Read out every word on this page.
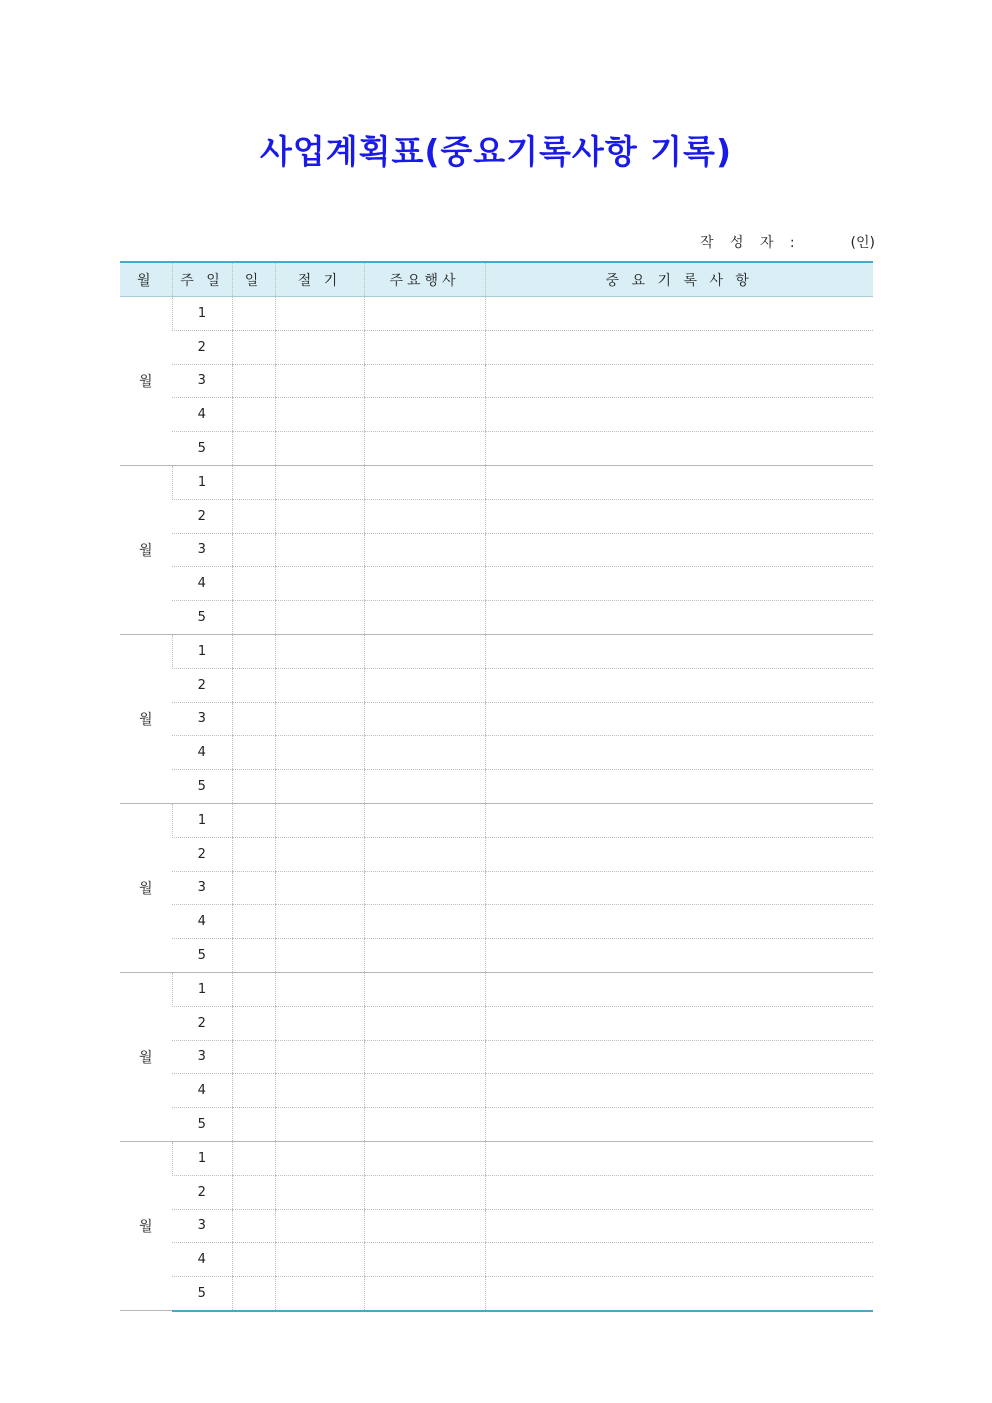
사업계획표(중요기록사항 기록)
작 성 자 :	(인)
월	주 일	일	절 기	주요행사	중 요 기 록 사 항
월	1				
	2				
	3				
	4				
	5				
월	1				
	2				
	3				
	4				
	5				
월	1				
	2				
	3				
	4				
	5				
월	1				
	2				
	3				
	4				
	5				
월	1				
	2				
	3				
	4				
	5				
월	1				
	2				
	3				
	4				
	5				
